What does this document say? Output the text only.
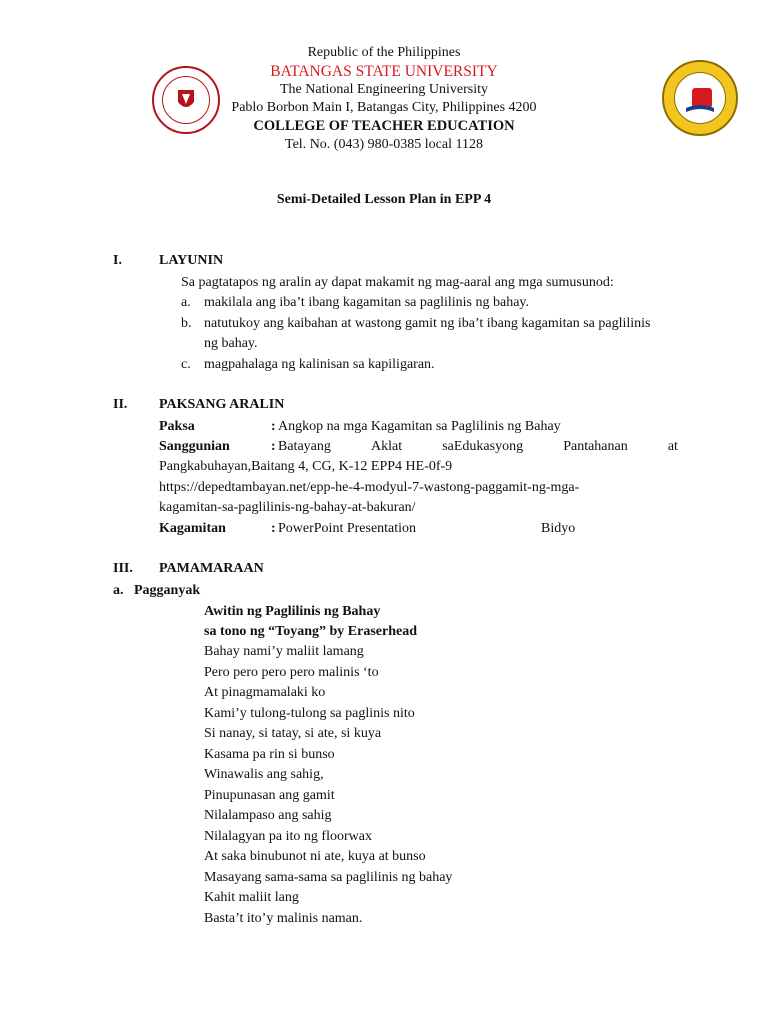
Republic of the Philippines
BATANGAS STATE UNIVERSITY
The National Engineering University
Pablo Borbon Main I, Batangas City, Philippines 4200
COLLEGE OF TEACHER EDUCATION
Tel. No. (043) 980-0385 local 1128
Semi-Detailed Lesson Plan in EPP 4
I.	LAYUNIN
Sa pagtatapos ng aralin ay dapat makamit ng mag-aaral ang mga sumusunod:
a. makilala ang iba’t ibang kagamitan sa paglilinis ng bahay.
b. natutukoy ang kaibahan at wastong gamit ng iba’t ibang kagamitan sa paglilinis
ng bahay.
c. magpahalaga ng kalinisan sa kapiligaran.
II. PAKSANG ARALIN
Paksa	: Angkop na mga Kagamitan sa Paglilinis ng Bahay
Sanggunian	: Batayang	Aklat	saEdukasyong	Pantahanan	at
Pangkabuhayan,Baitang 4, CG, K-12 EPP4 HE-0f-9
https://depedtambayan.net/epp-he-4-modyul-7-wastong-paggamit-ng-mga-
kagamitan-sa-paglilinis-ng-bahay-at-bakuran/
Kagamitan	: PowerPoint Presentation	Bidyo
III. PAMAMARAAN
a.   Pagganyak
Awitin ng Paglilinis ng Bahay
sa tono ng “Toyang” by Eraserhead
Bahay nami’y maliit lamang
Pero pero pero pero malinis ‘to
At pinagmamalaki ko
Kami’y tulong-tulong sa paglinis nito
Si nanay, si tatay, si ate, si kuya
Kasama pa rin si bunso
Winawalis ang sahig,
Pinupunasan ang gamit
Nilalampaso ang sahig
Nilalagyan pa ito ng floorwax
At saka binubunot ni ate, kuya at bunso
Masayang sama-sama sa paglilinis ng bahay
Kahit maliit lang
Basta’t ito’y malinis naman.
